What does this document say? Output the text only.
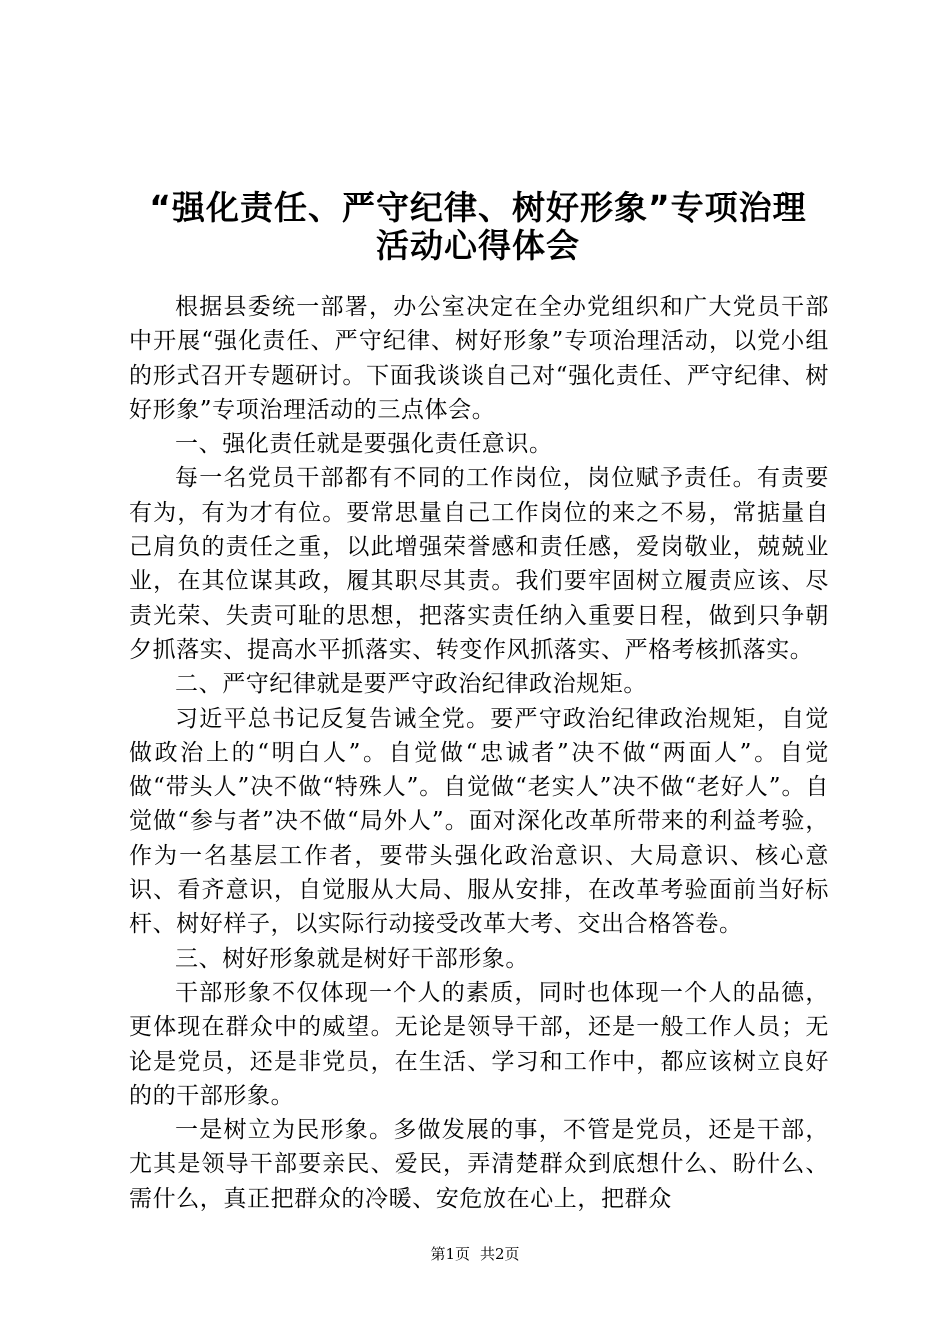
“强化责任、严守纪律、树好形象”专项治理
活动心得体会

根据县委统一部署，办公室决定在全办党组织和广大党员干部中开展“强化责任、严守纪律、树好形象”专项治理活动，以党小组的形式召开专题研讨。下面我谈谈自己对“强化责任、严守纪律、树好形象”专项治理活动的三点体会。

一、强化责任就是要强化责任意识。

每一名党员干部都有不同的工作岗位，岗位赋予责任。有责要有为，有为才有位。要常思量自己工作岗位的来之不易，常掂量自己肩负的责任之重，以此增强荣誉感和责任感，爱岗敬业，兢兢业业，在其位谋其政，履其职尽其责。我们要牢固树立履责应该、尽责光荣、失责可耻的思想，把落实责任纳入重要日程，做到只争朝夕抓落实、提高水平抓落实、转变作风抓落实、严格考核抓落实。

二、严守纪律就是要严守政治纪律政治规矩。

习近平总书记反复告诫全党。要严守政治纪律政治规矩，自觉做政治上的“明白人”。自觉做“忠诚者”决不做“两面人”。自觉做“带头人”决不做“特殊人”。自觉做“老实人”决不做“老好人”。自觉做“参与者”决不做“局外人”。面对深化改革所带来的利益考验，作为一名基层工作者，要带头强化政治意识、大局意识、核心意识、看齐意识，自觉服从大局、服从安排，在改革考验面前当好标杆、树好样子，以实际行动接受改革大考、交出合格答卷。

三、树好形象就是树好干部形象。

干部形象不仅体现一个人的素质，同时也体现一个人的品德，更体现在群众中的威望。无论是领导干部，还是一般工作人员；无论是党员，还是非党员，在生活、学习和工作中，都应该树立良好的的干部形象。

一是树立为民形象。多做发展的事，不管是党员，还是干部，尤其是领导干部要亲民、爱民，弄清楚群众到底想什么、盼什么、需什么，真正把群众的冷暖、安危放在心上，把群众

第1页 共2页
